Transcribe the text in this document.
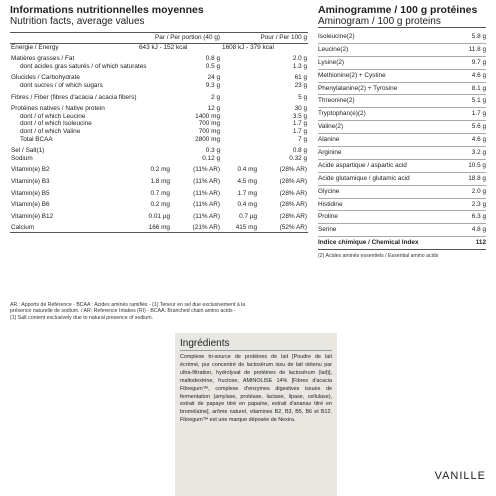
Informations nutritionnelles moyennes
Nutrition facts, average values
	Par / Per portion (40 g)		Pour / Per 100 g	
Énergie / Energy	643 kJ - 152 kcal		1608 kJ - 379 kcal	
Matières grasses / Fat		0.8 g		2.0 g
dont acides gras saturés / of which saturates		0.5 g		1.3 g
Glucides / Carbohydrate		24 g		61 g
dont sucres / of which sugars		9.3 g		23 g
Fibres / Fiber (fibres d'acacia / acacia fibers)		2 g		5 g
Protéines natives / Native protein		12 g		30 g
dont / of which Leucine		1400 mg		3.5 g
dont / of which Isoleucine		700 mg		1.7 g
dont / of which Valine		700 mg		1.7 g
Total BCAA		2800 mg		7 g
Sel / Salt(1)		0.3 g		0.8 g
Sodium		0.12 g		0.32 g
Vitamin(e) B2	0.2 mg	(11% AR)	0.4 mg	(28% AR)
Vitamin(e) B3	1.8 mg	(11% AR)	4.5 mg	(28% AR)
Vitamin(e) B5	0.7 mg	(11% AR)	1.7 mg	(28% AR)
Vitamin(e) B6	0.2 mg	(11% AR)	0.4 mg	(28% AR)
Vitamin(e) B12	0.01 µg	(11% AR)	0.7 µg	(28% AR)
Calcium	166 mg	(21% AR)	415 mg	(52% AR)
AR : Apports de Référence - BCAA : Acides aminés ramifiés - (1) Teneur en sel due exclusivement à la
présence naturelle de sodium. / AR: Reference Intakes (RI) - BCAA: Branched chain amino acids -
(1) Salt content exclusively due to natural presence of sodium.
Aminogramme / 100 g protéines
Aminogram / 100 g proteins
Isoleucine(2)	5.8 g
Leucine(2)	11.8 g
Lysine(2)	9.7 g
Methionine(2) + Cystine	4.6 g
Phenylalanine(2) + Tyrosine	8.1 g
Threonine(2)	5.1 g
Tryptophan(e)(2)	1.7 g
Valine(2)	5.6 g
Alanine	4.6 g
Arginine	3.2 g
Acide aspartique / aspartic acid	10.5 g
Acide glutamique / glutamic acid	18.8 g
Glycine	2.0 g
Histidine	2.3 g
Proline	6.3 g
Serine	4.8 g
Indice chimique / Chemical Index	112
(2) Acides aminés essentiels / Essential amino acids
Ingrédients

Complexe tri-source de protéines de lait [Poudre de lait écrémé, pur concentré de lactosérum issu de lait obtenu par ultra-filtration, hydrolysat de protéines de lactosérum (lait)], maltodextrine, fructose, AMINOLISE 14% [Fibres d'acacia Fibregum™, complexe d'enzymes digestives issues de fermentation (amylase, protéase, lactase, lipase, cellulase), extrait de papaye titré en papaïne, extrait d'ananas titré en bromélaïne], arôme naturel, vitamines B2, B3, B5, B6 et B12. Fibregum™ est une marque déposée de Nexira.

VANILLE
